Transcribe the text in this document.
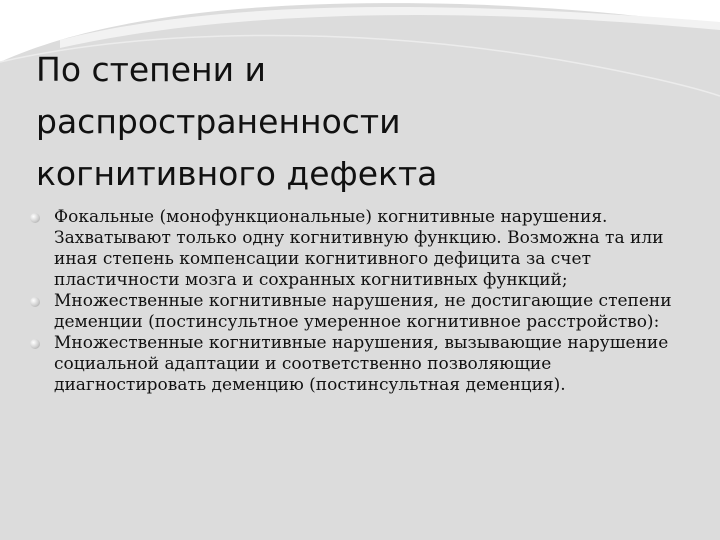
По степени и
распространенности
когнитивного дефекта
Фокальные (монофункциональные) когнитивные нарушения. Захватывают только одну когнитивную функцию. Возможна та или иная степень компенсации когнитивного дефицита за счет пластичности мозга и сохранных когнитивных функций;
Множественные когнитивные нарушения, не достигающие степени деменции (постинсультное умеренное когнитивное расстройство):
Множественные когнитивные нарушения, вызывающие нарушение социальной адаптации и соответственно позволяющие диагностировать деменцию (постинсультная деменция).
